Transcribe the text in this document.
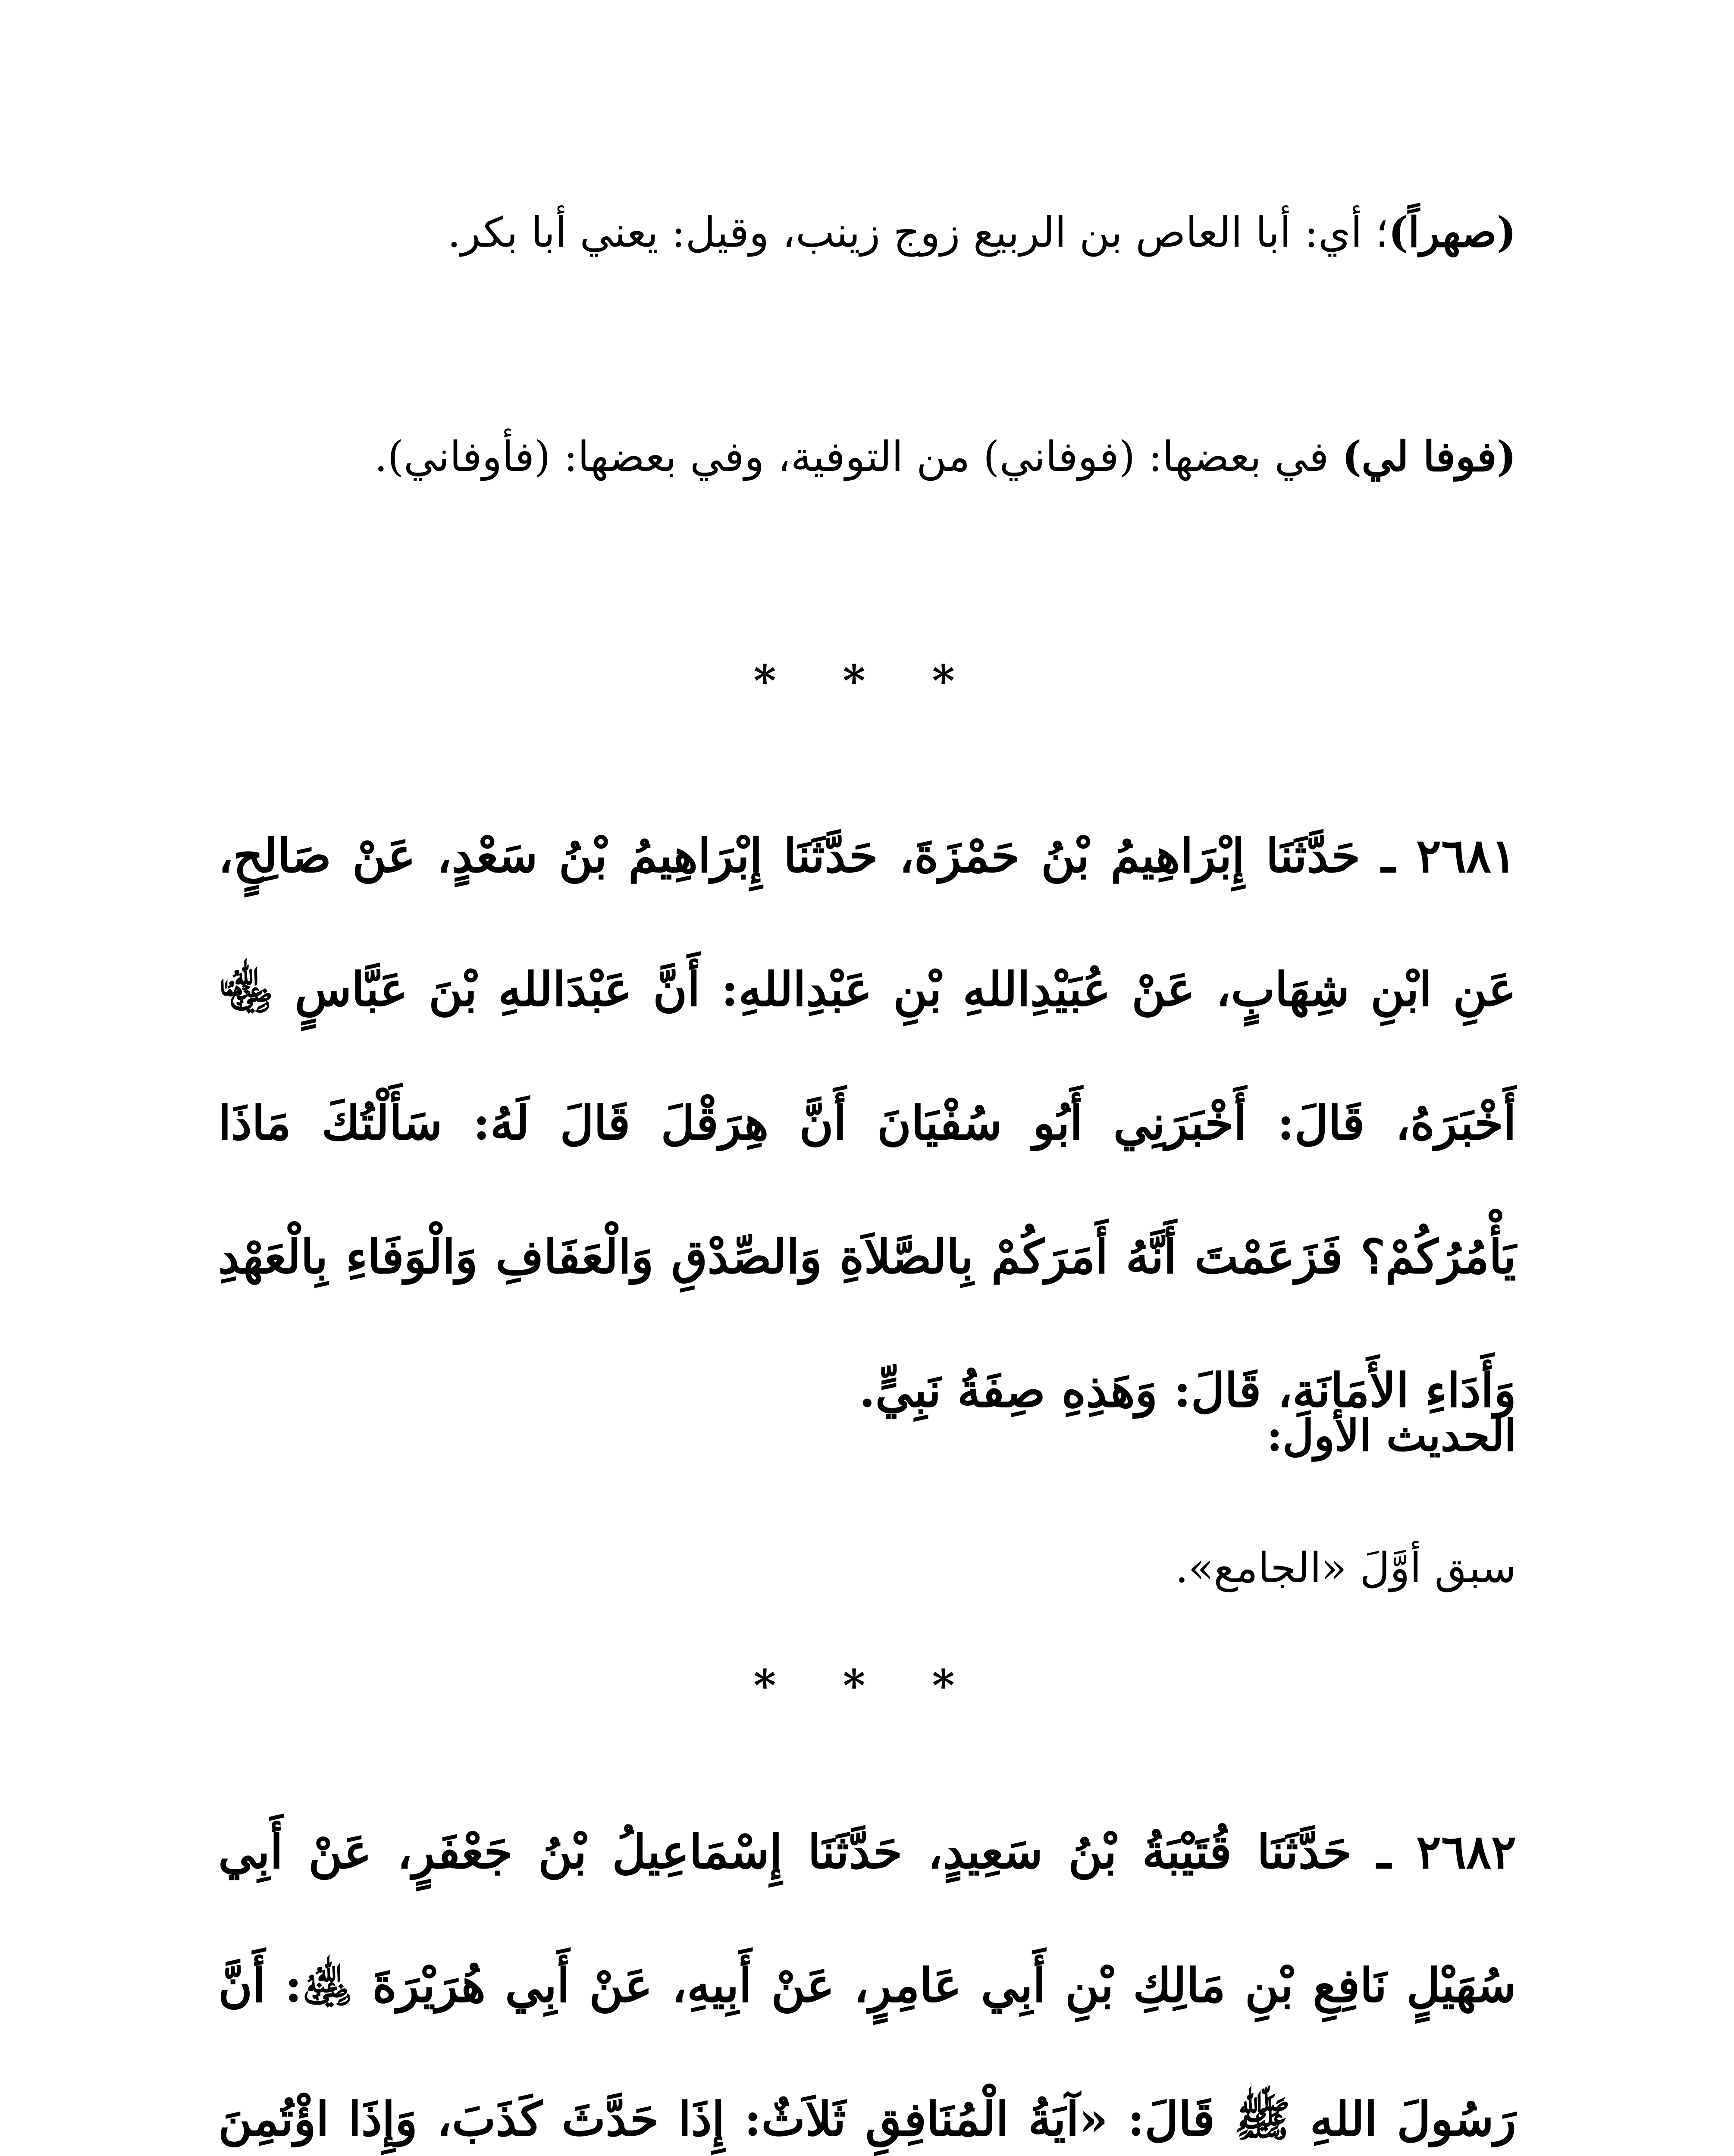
(صهراً)؛ أي: أبا العاص بن الربيع زوج زينب، وقيل: يعني أبا بكر.
(فوفا لي) في بعضها: (فوفاني) من التوفية، وفي بعضها: (فأوفاني).
* * *
٢٦٨١ ـ حَدَّثَنَا إِبْرَاهِيمُ بْنُ حَمْزَةَ، حَدَّثَنَا إِبْرَاهِيمُ بْنُ سَعْدٍ، عَنْ صَالِحٍ، عَنِ ابْنِ شِهَابٍ، عَنْ عُبَيْدِاللهِ بْنِ عَبْدِاللهِ: أَنَّ عَبْدَاللهِ بْنَ عَبَّاسٍ ﵄ أَخْبَرَهُ، قَالَ: أَخْبَرَنِي أَبُو سُفْيَانَ أَنَّ هِرَقْلَ قَالَ لَهُ: سَأَلْتُكَ مَاذَا يَأْمُرُكُمْ؟ فَزَعَمْتَ أَنَّهُ أَمَرَكُمْ بِالصَّلاَةِ وَالصِّدْقِ وَالْعَفَافِ وَالْوَفَاءِ بِالْعَهْدِ وَأَدَاءِ الأَمَانَةِ، قَالَ: وَهَذِهِ صِفَةُ نَبِيٍّ.
الحديث الأول:
سبق أوَّلَ «الجامع».
* * *
٢٦٨٢ ـ حَدَّثَنَا قُتَيْبَةُ بْنُ سَعِيدٍ، حَدَّثَنَا إِسْمَاعِيلُ بْنُ جَعْفَرٍ، عَنْ أَبِي سُهَيْلٍ نَافِعِ بْنِ مَالِكِ بْنِ أَبِي عَامِرٍ، عَنْ أَبِيهِ، عَنْ أَبِي هُرَيْرَةَ ﵁: أَنَّ رَسُولَ اللهِ ﷺ قَالَ: «آيَةُ الْمُنَافِقِ ثَلاَثٌ: إِذَا حَدَّثَ كَذَبَ، وَإِذَا اؤْتُمِنَ
